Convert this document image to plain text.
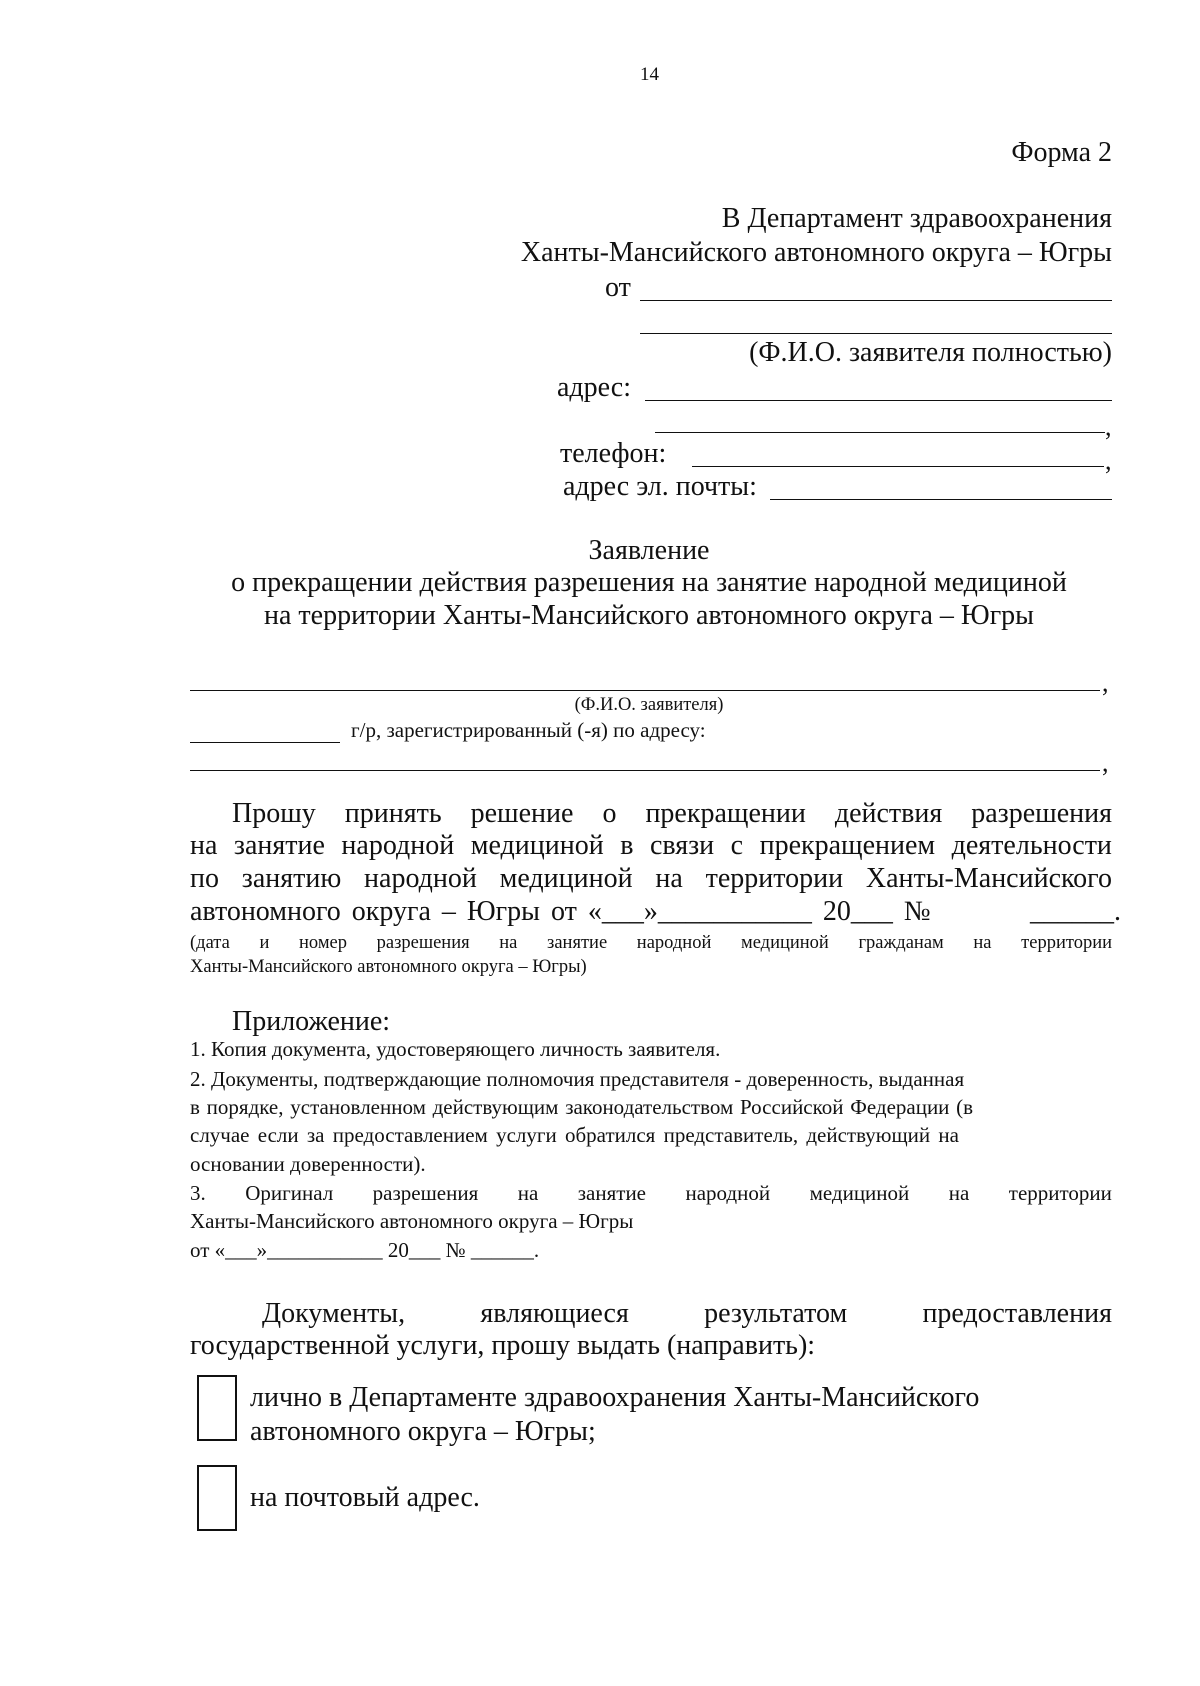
14
Форма 2
В Департамент здравоохранения
Ханты-Мансийского автономного округа – Югры
от
(Ф.И.О. заявителя полностью)
адрес:
,
телефон:	,
адрес эл. почты:
Заявление
о прекращении действия разрешения на занятие народной медициной
на территории Ханты-Мансийского автономного округа – Югры
,
(Ф.И.О. заявителя)
г/р, зарегистрированный (-я) по адресу:
,
Прошу принять решение о прекращении действия разрешения
на занятие народной медициной в связи с прекращением деятельности
по занятию народной медициной на территории Ханты-Мансийского
автономного округа – Югры от «___»___________ 20___ №	______.
(дата и номер разрешения на занятие народной медициной гражданам на территории
Ханты-Мансийского автономного округа – Югры)
Приложение:
1. Копия документа, удостоверяющего личность заявителя.
2. Документы, подтверждающие полномочия представителя - доверенность, выданная
в порядке, установленном действующим законодательством Российской Федерации (в
случае если за предоставлением услуги обратился представитель, действующий на
основании доверенности).
3. Оригинал разрешения на занятие народной медициной на территории
Ханты-Мансийского автономного округа – Югры
от «___»___________ 20___ № ______.
Документы,	являющиеся	результатом	предоставления
государственной услуги, прошу выдать (направить):
лично в Департаменте здравоохранения Ханты-Мансийского
автономного округа – Югры;
на почтовый адрес.
